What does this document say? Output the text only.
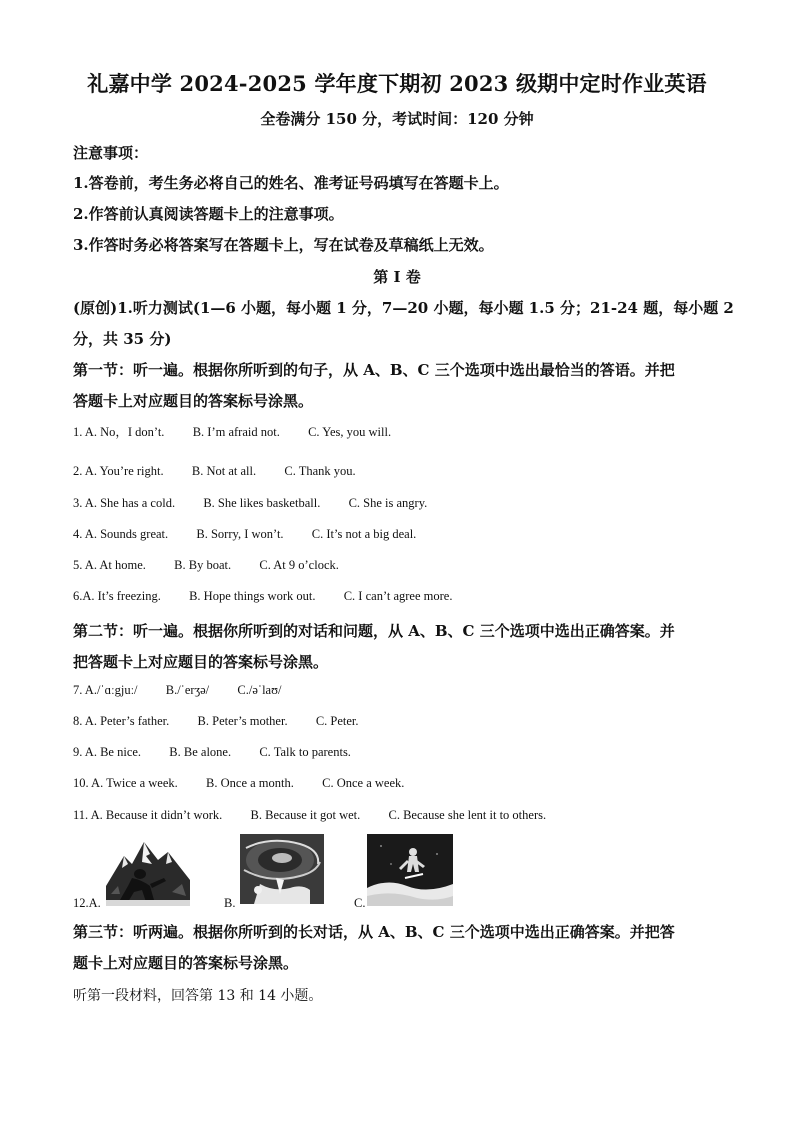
礼嘉中学 2024-2025 学年度下期初 2023 级期中定时作业英语
全卷满分 150 分，考试时间：120 分钟
注意事项：
1.答卷前，考生务必将自己的姓名、准考证号码填写在答题卡上。
2.作答前认真阅读答题卡上的注意事项。
3.作答时务必将答案写在答题卡上，写在试卷及草稿纸上无效。
第 I 卷
(原创)1.听力测试(1—6 小题，每小题 1 分，7—20 小题，每小题 1.5 分；21-24 题，每小题 2
分，共 35 分)
第一节：听一遍。根据你所听到的句子，从 A、B、C 三个选项中选出最恰当的答语。并把
答题卡上对应题目的答案标号涂黑。
1. A. No，I don’t. B. I’m afraid not. C. Yes, you will.
2. A. You’re right. B. Not at all. C. Thank you.
3. A. She has a cold. B. She likes basketball. C. She is angry.
4. A. Sounds great. B. Sorry, I won’t. C. It’s not a big deal.
5. A. At home. B. By boat. C. At 9 o’clock.
6.A. It’s freezing. B. Hope things work out. C. I can’t agree more.
第二节：听一遍。根据你所听到的对话和问题，从 A、B、C 三个选项中选出正确答案。并
把答题卡上对应题目的答案标号涂黑。
7. A./ˈɑːgjuː/ B./ˈerʒə/ C./əˈlaʊ/
8. A. Peter’s father. B. Peter’s mother. C. Peter.
9. A. Be nice. B. Be alone. C. Talk to parents.
10. A. Twice a week. B. Once a month. C. Once a week.
11. A. Because it didn’t work. B. Because it got wet. C. Because she lent it to others.
12.A.	B.	C.
第三节：听两遍。根据你所听到的长对话，从 A、B、C 三个选项中选出正确答案。并把答
题卡上对应题目的答案标号涂黑。
听第一段材料，回答第 13 和 14 小题。
